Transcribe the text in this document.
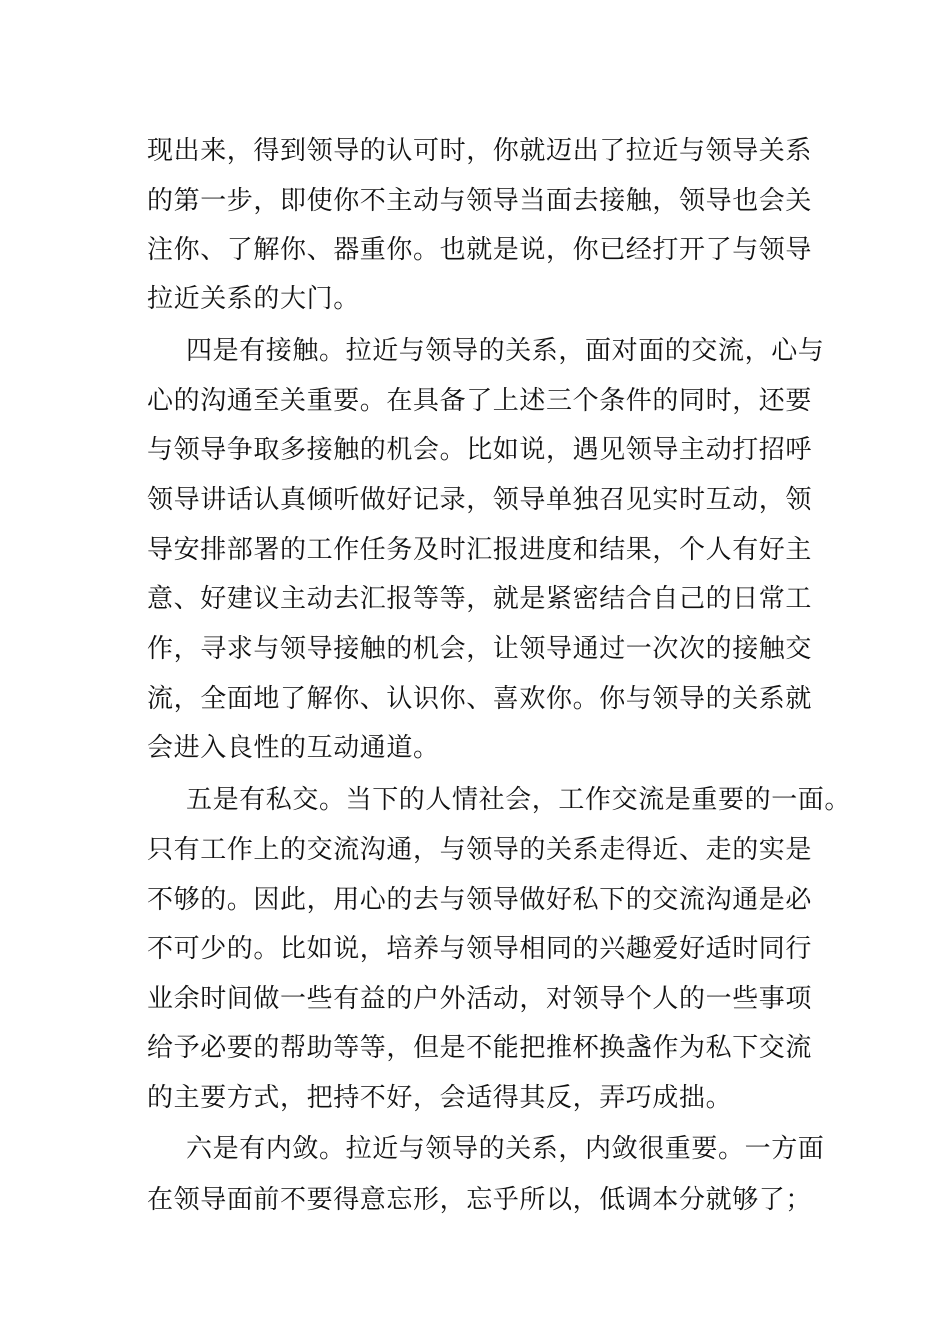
现出来，得到领导的认可时，你就迈出了拉近与领导关系
的第一步，即使你不主动与领导当面去接触，领导也会关
注你、了解你、器重你。也就是说，你已经打开了与领导
拉近关系的大门。
四是有接触。拉近与领导的关系，面对面的交流，心与
心的沟通至关重要。在具备了上述三个条件的同时，还要
与领导争取多接触的机会。比如说，遇见领导主动打招呼
领导讲话认真倾听做好记录，领导单独召见实时互动，领
导安排部署的工作任务及时汇报进度和结果，个人有好主
意、好建议主动去汇报等等，就是紧密结合自己的日常工
作，寻求与领导接触的机会，让领导通过一次次的接触交
流，全面地了解你、认识你、喜欢你。你与领导的关系就
会进入良性的互动通道。
五是有私交。当下的人情社会，工作交流是重要的一面。
只有工作上的交流沟通，与领导的关系走得近、走的实是
不够的。因此，用心的去与领导做好私下的交流沟通是必
不可少的。比如说，培养与领导相同的兴趣爱好适时同行
业余时间做一些有益的户外活动，对领导个人的一些事项
给予必要的帮助等等，但是不能把推杯换盏作为私下交流
的主要方式，把持不好，会适得其反，弄巧成拙。
六是有内敛。拉近与领导的关系，内敛很重要。一方面
在领导面前不要得意忘形，忘乎所以，低调本分就够了；
